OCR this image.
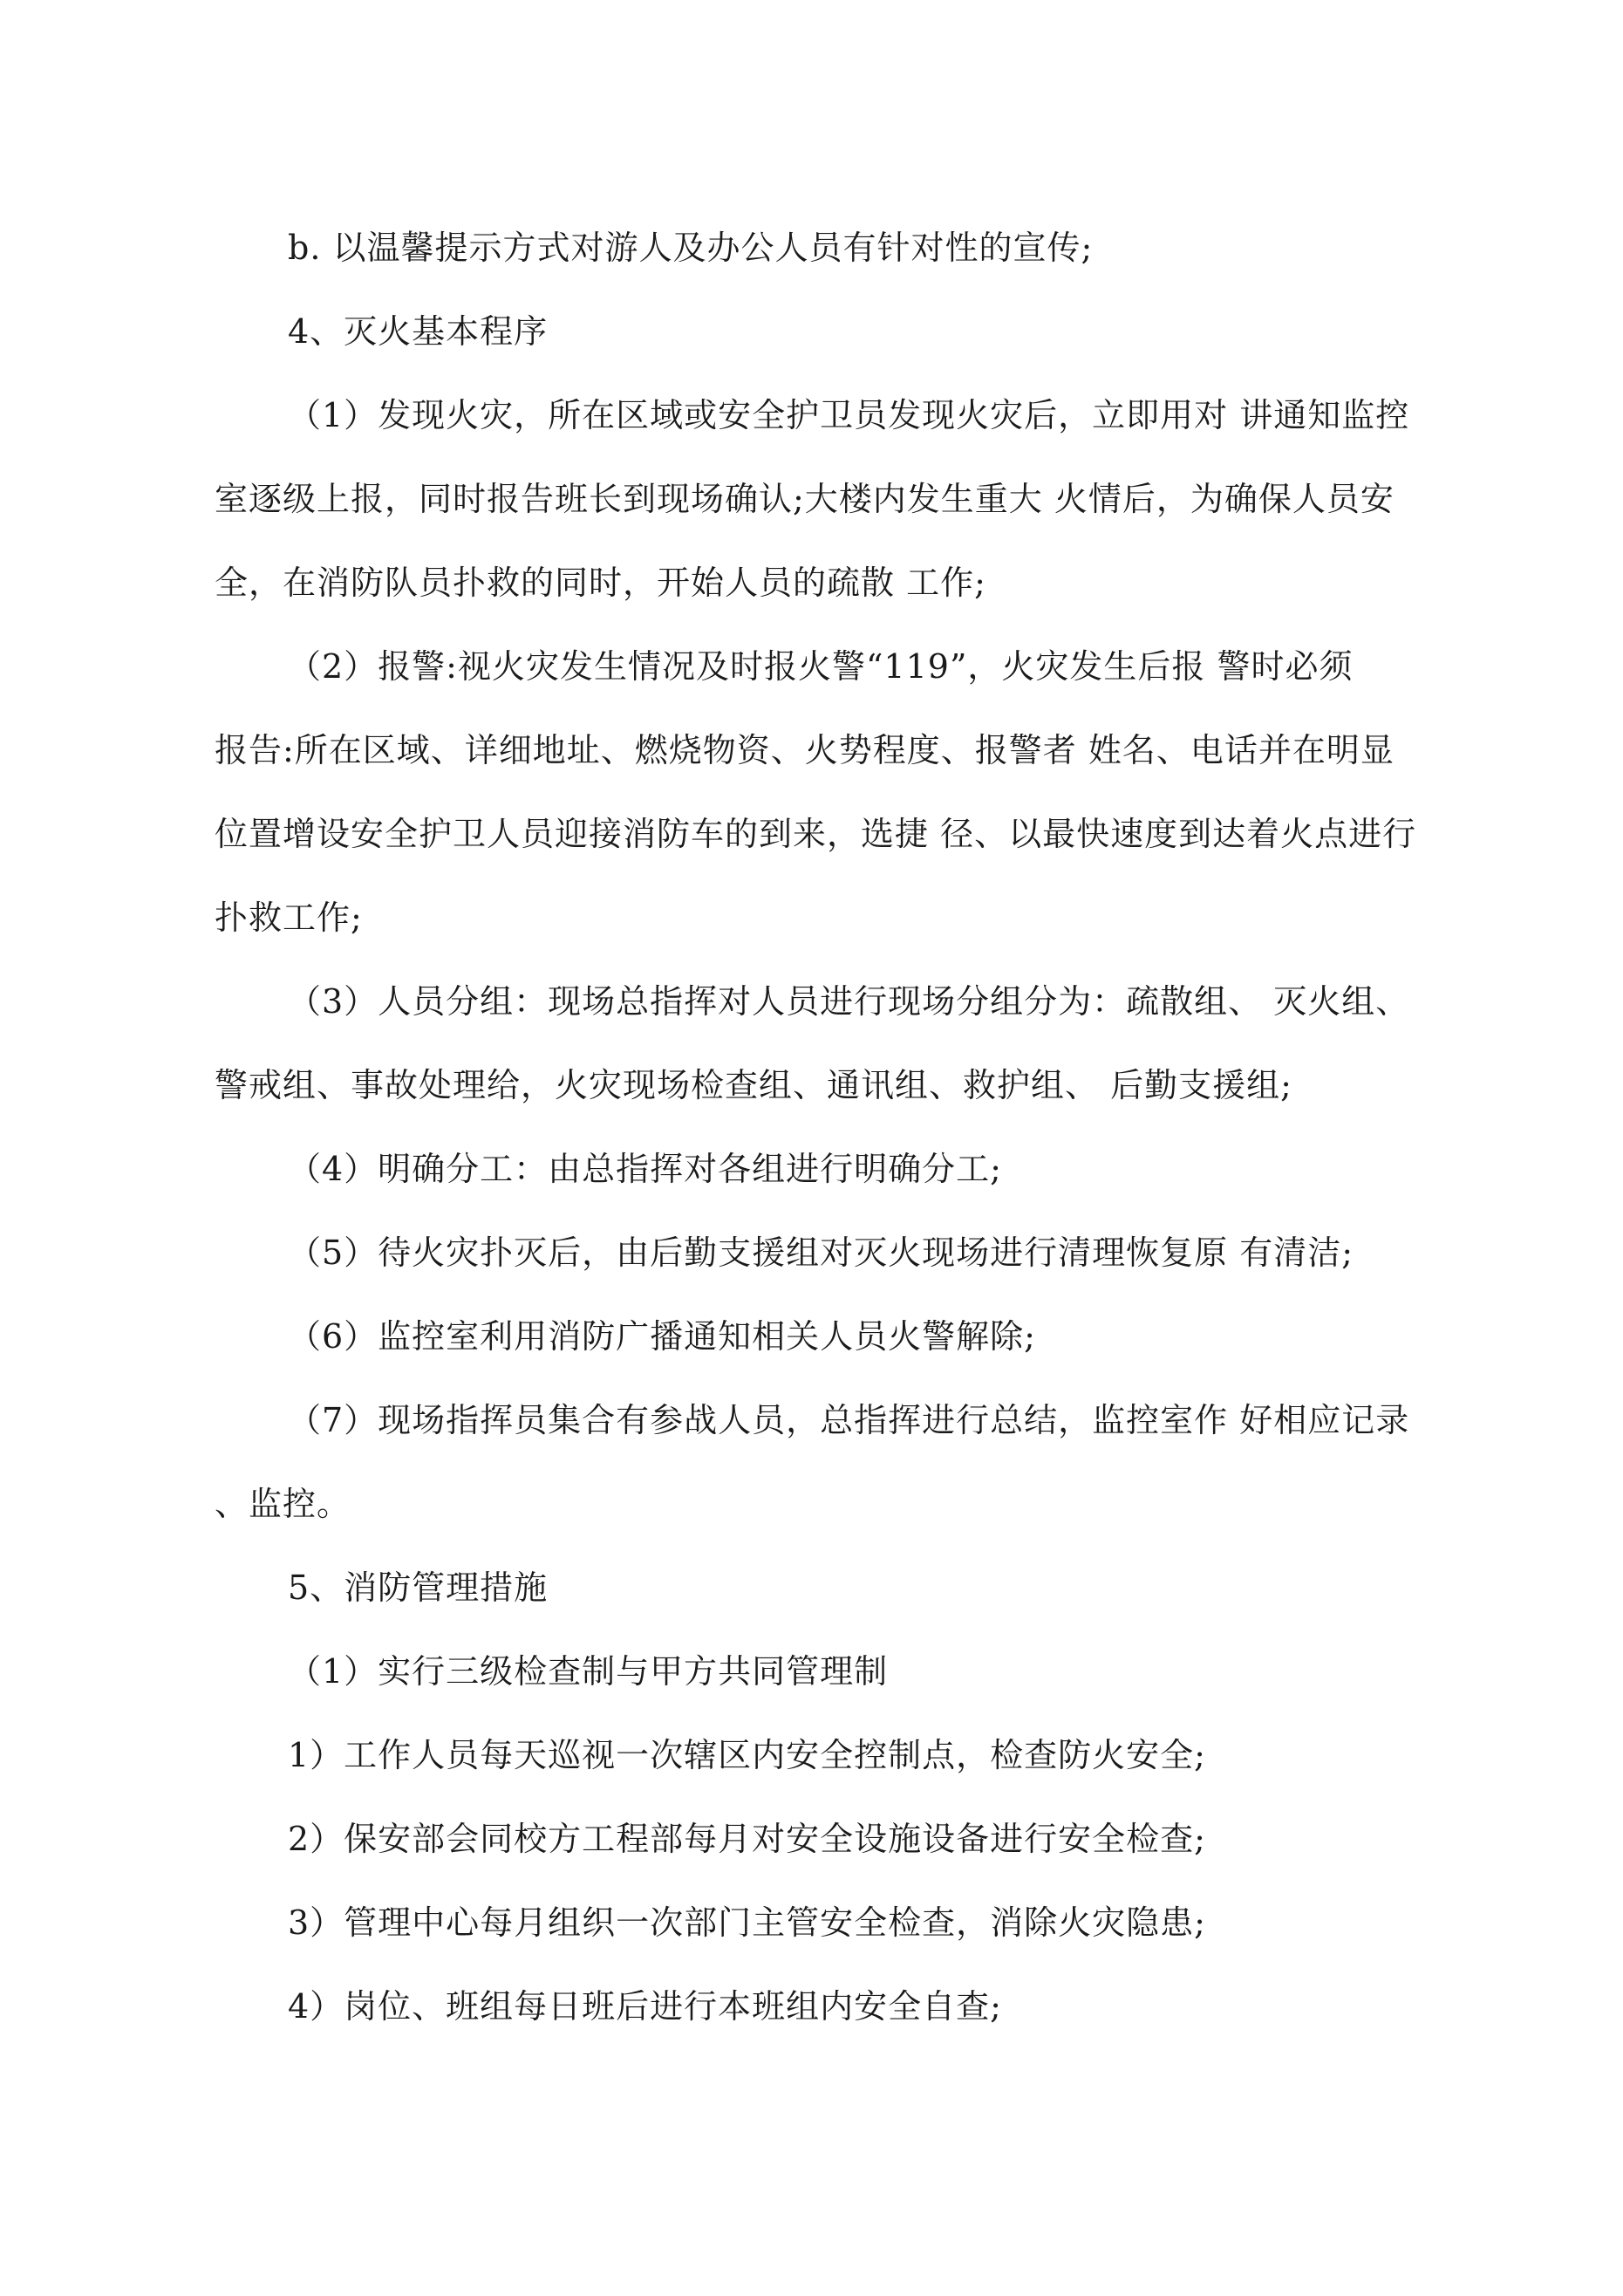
b. 以温馨提示方式对游人及办公人员有针对性的宣传;

4、灭火基本程序

（1）发现火灾，所在区域或安全护卫员发现火灾后，立即用对 讲通知监控

室逐级上报，同时报告班长到现场确认;大楼内发生重大 火情后，为确保人员安

全，在消防队员扑救的同时，开始人员的疏散 工作;

（2）报警:视火灾发生情况及时报火警“119”，火灾发生后报 警时必须

报告:所在区域、详细地址、燃烧物资、火势程度、报警者 姓名、电话并在明显

位置增设安全护卫人员迎接消防车的到来，选捷 径、以最快速度到达着火点进行

扑救工作;

（3）人员分组：现场总指挥对人员进行现场分组分为：疏散组、 灭火组、

警戒组、事故处理给，火灾现场检查组、通讯组、救护组、 后勤支援组;

（4）明确分工：由总指挥对各组进行明确分工;

（5）待火灾扑灭后，由后勤支援组对灭火现场进行清理恢复原 有清洁;

（6）监控室利用消防广播通知相关人员火警解除;

（7）现场指挥员集合有参战人员，总指挥进行总结，监控室作 好相应记录

、监控。

5、消防管理措施

（1）实行三级检查制与甲方共同管理制

1）工作人员每天巡视一次辖区内安全控制点，检查防火安全;

2）保安部会同校方工程部每月对安全设施设备进行安全检查;

3）管理中心每月组织一次部门主管安全检查，消除火灾隐患;

4）岗位、班组每日班后进行本班组内安全自查;
